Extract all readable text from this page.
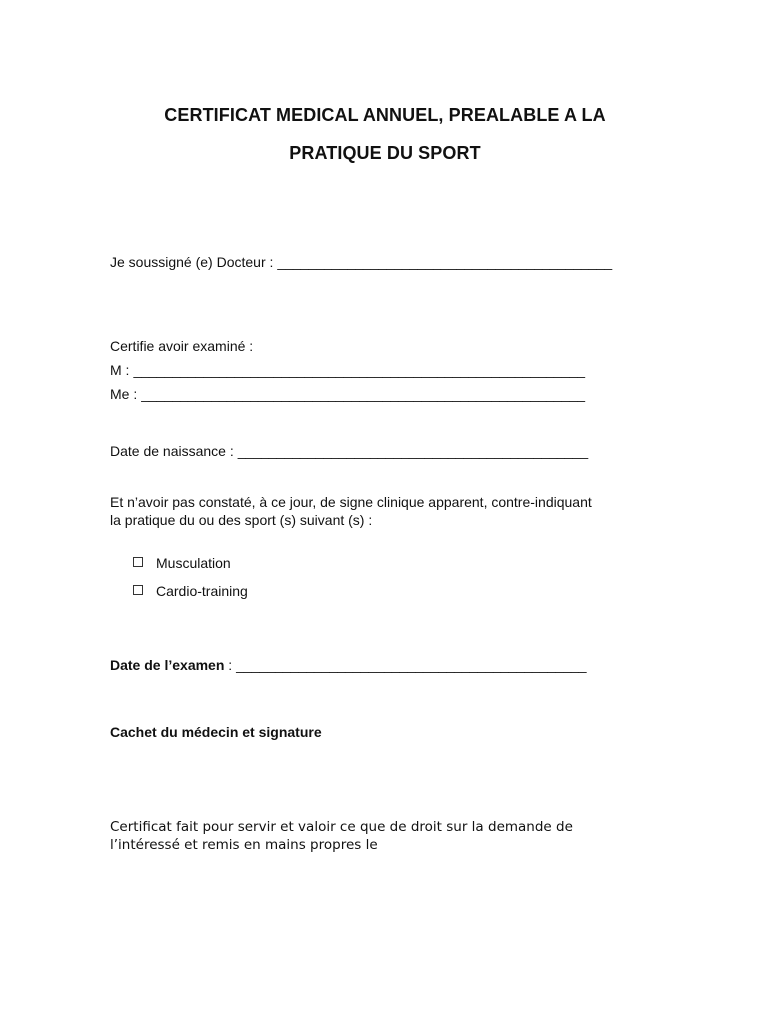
CERTIFICAT MEDICAL ANNUEL, PREALABLE A LA
PRATIQUE DU SPORT
Je soussigné (e) Docteur : ___________________________________________
Certifie avoir examiné :
M : __________________________________________________________
Me : _________________________________________________________
Date de naissance : _____________________________________________
Et n’avoir pas constaté, à ce jour, de signe clinique apparent, contre-indiquant
la pratique du ou des sport (s) suivant (s) :
Musculation
Cardio-training
Date de l’examen : _____________________________________________
Cachet du médecin et signature
Certificat fait pour servir et valoir ce que de droit sur la demande de
l’intéressé et remis en mains propres le
